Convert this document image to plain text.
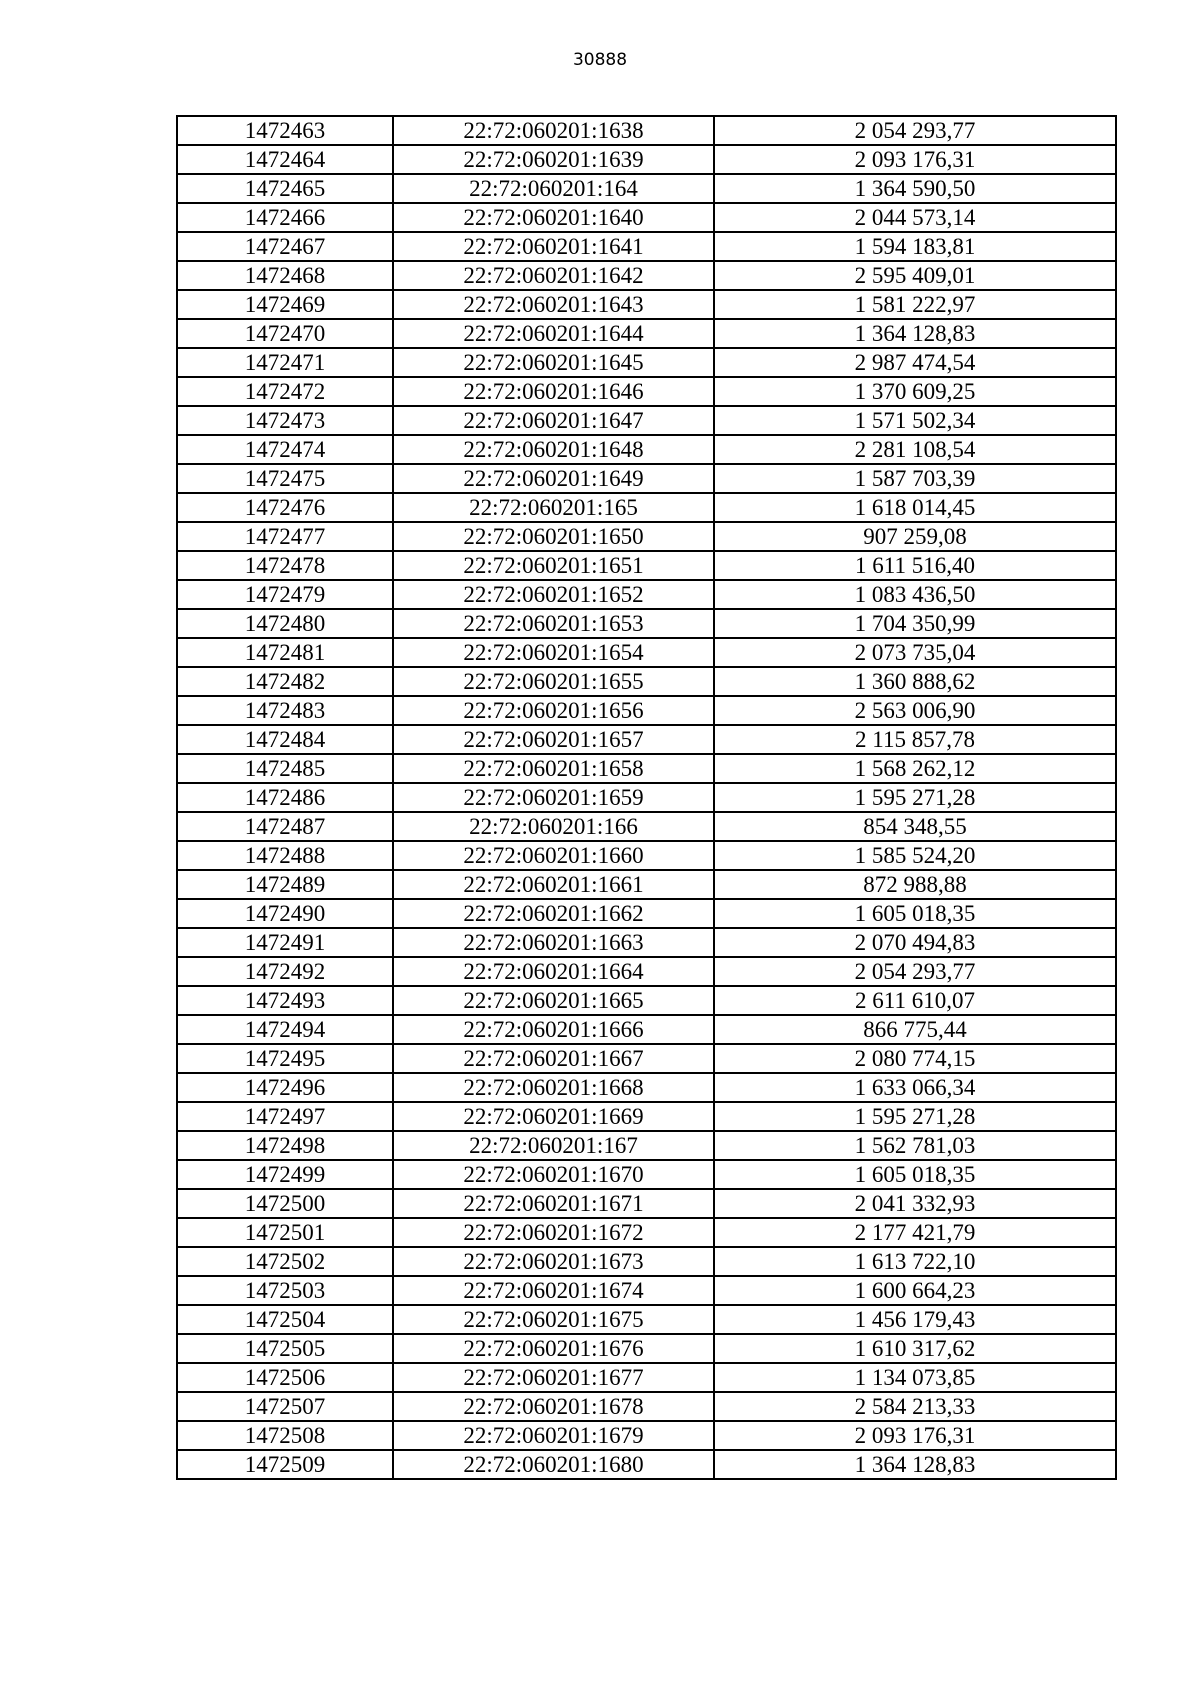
30888
1472463	22:72:060201:1638	2 054 293,77
1472464	22:72:060201:1639	2 093 176,31
1472465	22:72:060201:164	1 364 590,50
1472466	22:72:060201:1640	2 044 573,14
1472467	22:72:060201:1641	1 594 183,81
1472468	22:72:060201:1642	2 595 409,01
1472469	22:72:060201:1643	1 581 222,97
1472470	22:72:060201:1644	1 364 128,83
1472471	22:72:060201:1645	2 987 474,54
1472472	22:72:060201:1646	1 370 609,25
1472473	22:72:060201:1647	1 571 502,34
1472474	22:72:060201:1648	2 281 108,54
1472475	22:72:060201:1649	1 587 703,39
1472476	22:72:060201:165	1 618 014,45
1472477	22:72:060201:1650	907 259,08
1472478	22:72:060201:1651	1 611 516,40
1472479	22:72:060201:1652	1 083 436,50
1472480	22:72:060201:1653	1 704 350,99
1472481	22:72:060201:1654	2 073 735,04
1472482	22:72:060201:1655	1 360 888,62
1472483	22:72:060201:1656	2 563 006,90
1472484	22:72:060201:1657	2 115 857,78
1472485	22:72:060201:1658	1 568 262,12
1472486	22:72:060201:1659	1 595 271,28
1472487	22:72:060201:166	854 348,55
1472488	22:72:060201:1660	1 585 524,20
1472489	22:72:060201:1661	872 988,88
1472490	22:72:060201:1662	1 605 018,35
1472491	22:72:060201:1663	2 070 494,83
1472492	22:72:060201:1664	2 054 293,77
1472493	22:72:060201:1665	2 611 610,07
1472494	22:72:060201:1666	866 775,44
1472495	22:72:060201:1667	2 080 774,15
1472496	22:72:060201:1668	1 633 066,34
1472497	22:72:060201:1669	1 595 271,28
1472498	22:72:060201:167	1 562 781,03
1472499	22:72:060201:1670	1 605 018,35
1472500	22:72:060201:1671	2 041 332,93
1472501	22:72:060201:1672	2 177 421,79
1472502	22:72:060201:1673	1 613 722,10
1472503	22:72:060201:1674	1 600 664,23
1472504	22:72:060201:1675	1 456 179,43
1472505	22:72:060201:1676	1 610 317,62
1472506	22:72:060201:1677	1 134 073,85
1472507	22:72:060201:1678	2 584 213,33
1472508	22:72:060201:1679	2 093 176,31
1472509	22:72:060201:1680	1 364 128,83
